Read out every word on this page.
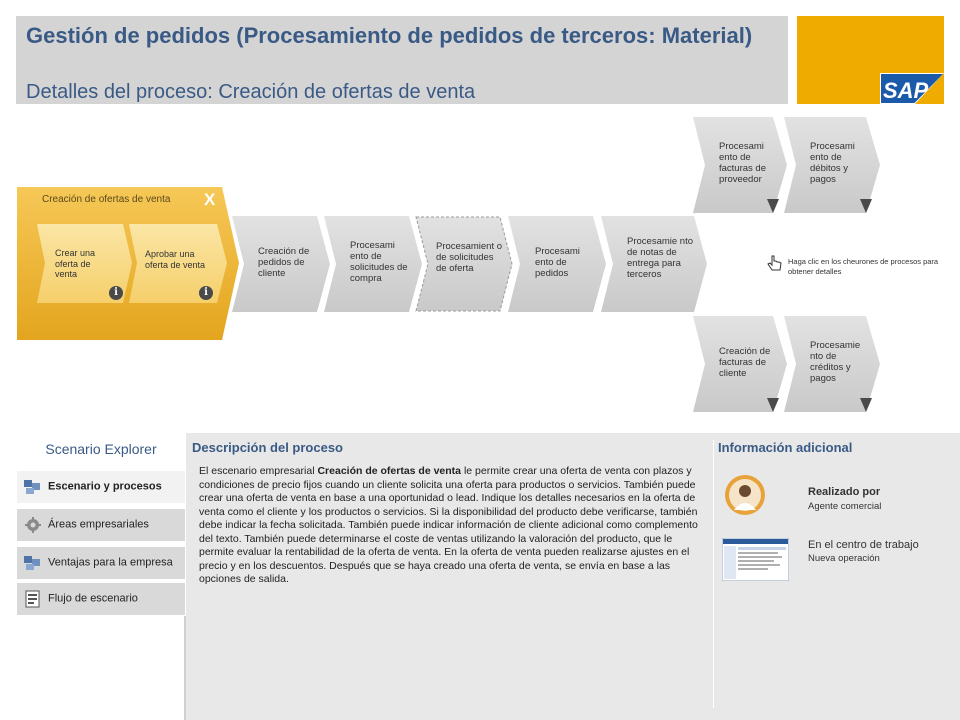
Gestión de pedidos (Procesamiento de pedidos de terceros: Material)
Detalles del proceso: Creación de ofertas de venta	SAP
Creación de ofertas de venta X
Crear una oferta de venta
i
Aprobar una oferta de venta
i
Creación de pedidos de cliente
Procesami ento de solicitudes de compra
Procesamient o de solicitudes de oferta
Procesami ento de pedidos
Procesamie nto de notas de entrega para terceros
Procesami ento de facturas de proveedor
Procesami ento de débitos y pagos
Creación de facturas de cliente
Procesamie nto de créditos y pagos
Haga clic en los cheurones de procesos para obtener detalles
Scenario Explorer
Escenario y procesos
Áreas empresariales
Ventajas para la empresa
Flujo de escenario
Descripción del proceso
El escenario empresarial Creación de ofertas de venta le permite crear una oferta de venta con plazos y condiciones de precio fijos cuando un cliente solicita una oferta para productos o servicios. También puede crear una oferta de venta en base a una oportunidad o lead. Indique los detalles necesarios en la oferta de venta como el cliente y los productos o servicios. Si la disponibilidad del producto debe verificarse, también debe indicar la fecha solicitada. También puede indicar información de cliente adicional como complemento del texto. También puede determinarse el coste de ventas utilizando la valoración del producto, que le permite evaluar la rentabilidad de la oferta de venta. En la oferta de venta pueden realizarse ajustes en el precio y en los descuentos. Después que se haya creado una oferta de venta, se envía en base a las opciones de salida.
Información adicional
Realizado por
Agente comercial
En el centro de trabajo
Nueva operación
